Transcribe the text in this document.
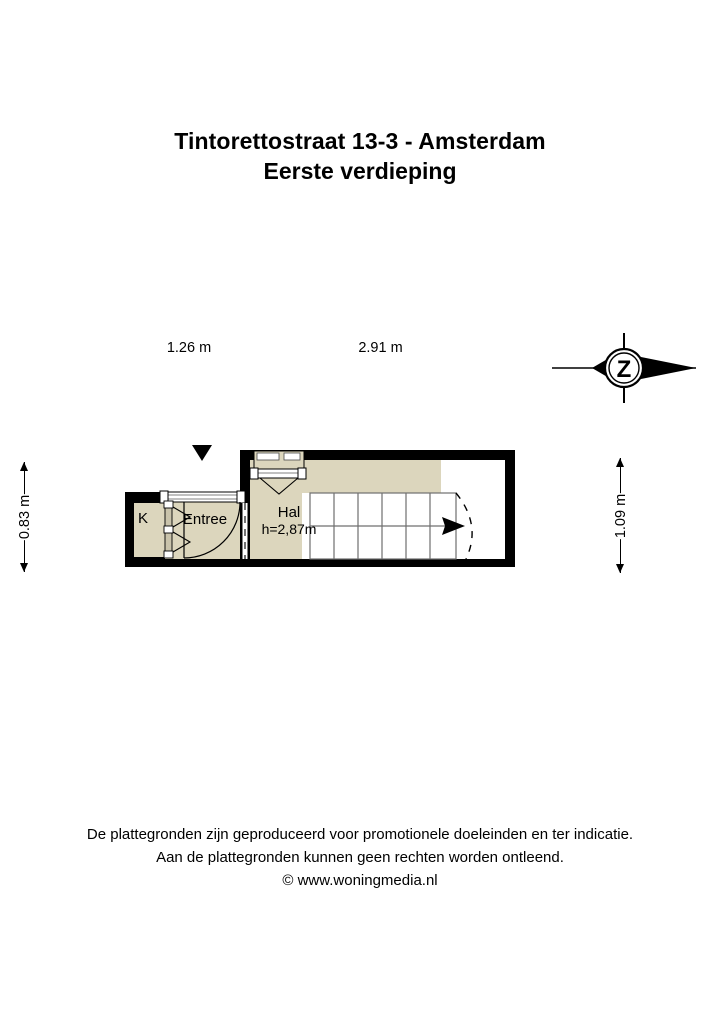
Tintorettostraat 13-3 - Amsterdam
Eerste verdieping
1.26 m	2.91 m
0.83 m	1.09 m
Z
K	Entree	Hal
h=2,87m
De plattegronden zijn geproduceerd voor promotionele doeleinden en ter indicatie.
Aan de plattegronden kunnen geen rechten worden ontleend.
© www.woningmedia.nl
